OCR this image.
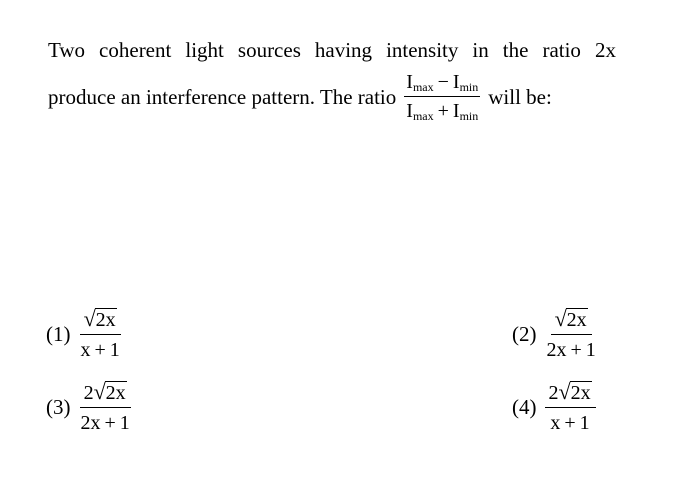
Two coherent light sources having intensity in the ratio 2x
produce an interference pattern. The ratio $\frac{I_{max} - I_{min}}{I_{max} + I_{min}}$ will be:
$(1) \frac{√ 2x}{x + 1}$	$(2) \frac{√ 2x}{2x + 1}$
$(3) \frac{2 √ 2x}{2x + 1}$	$(4) \frac{2 √ 2x}{x + 1}$
